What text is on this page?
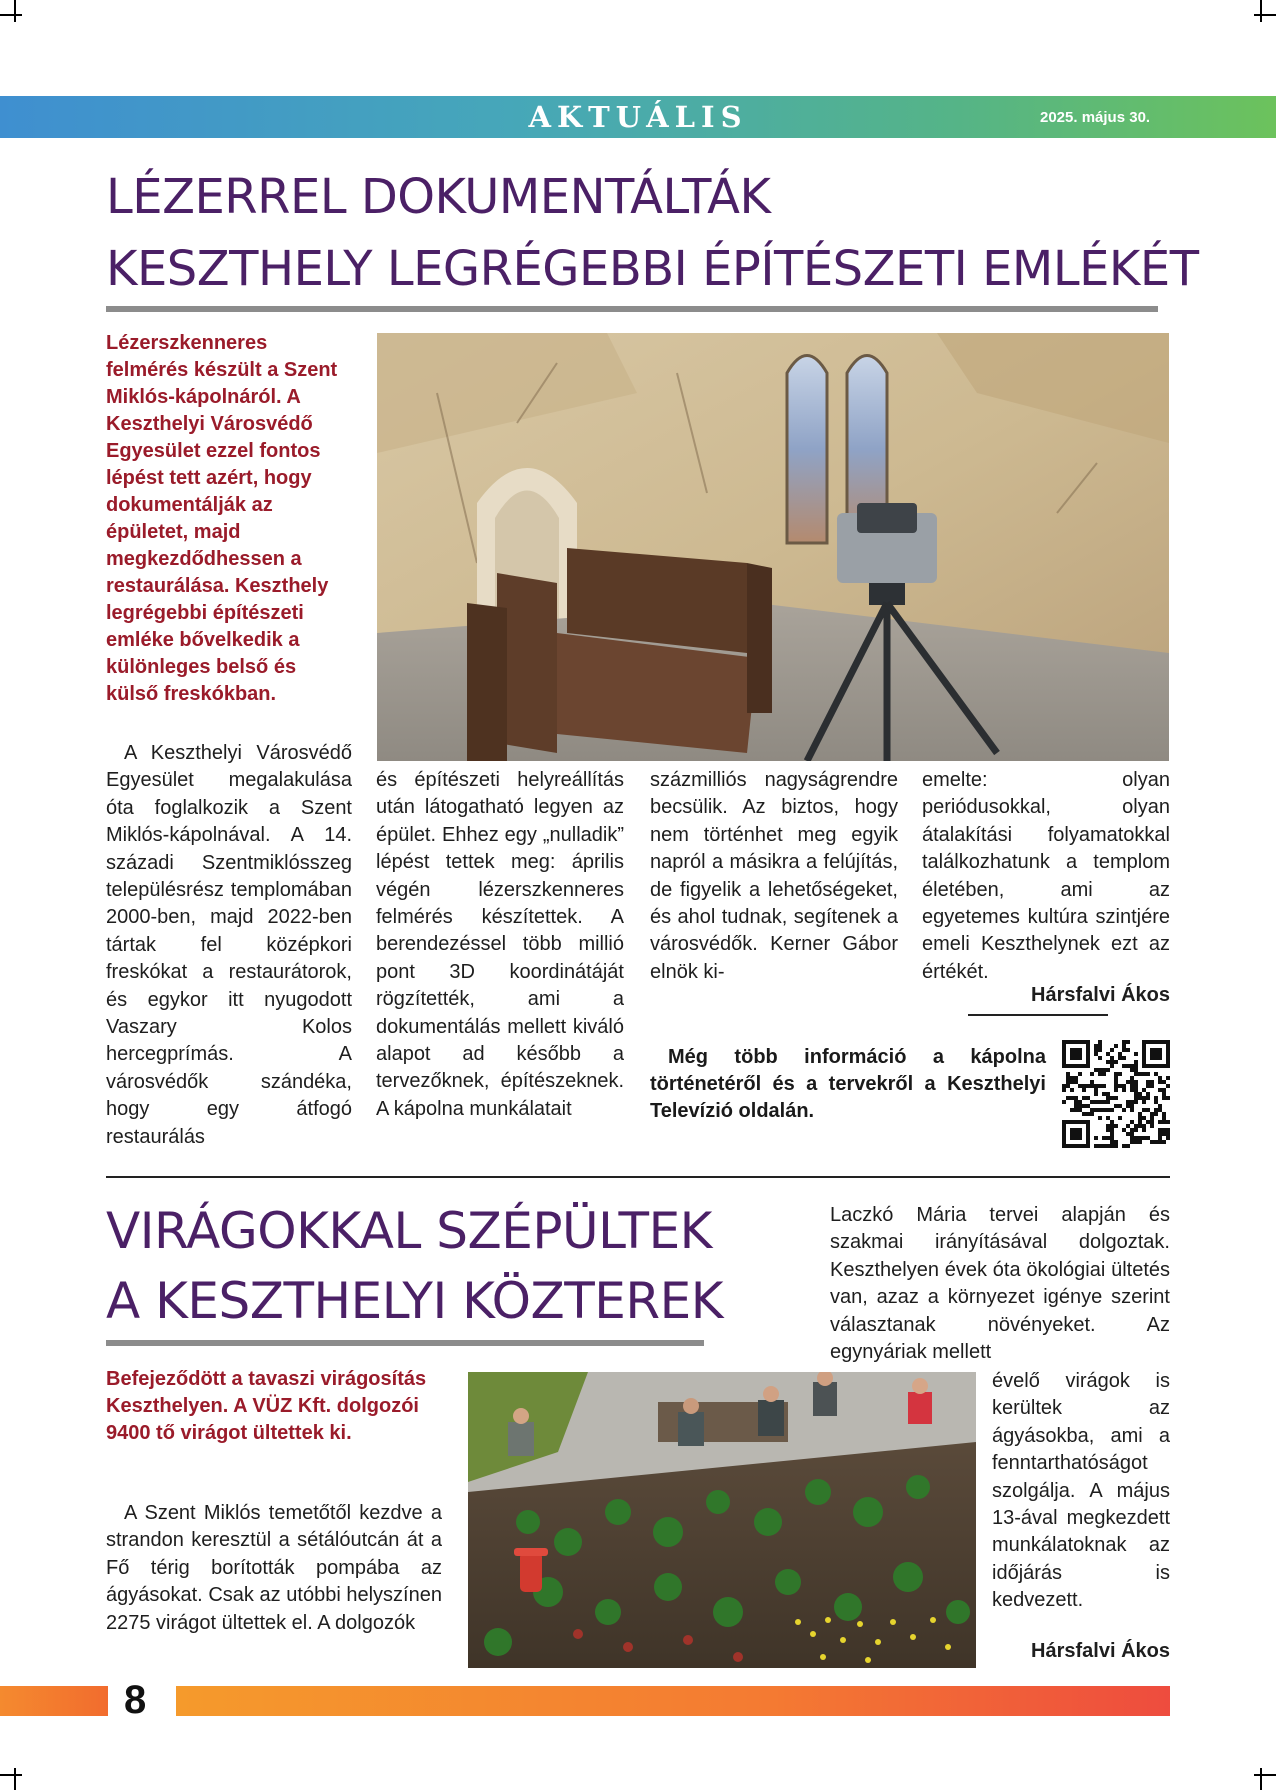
AKTUÁLIS	2025. május 30.
LÉZERREL DOKUMENTÁLTÁK
KESZTHELY LEGRÉGEBBI ÉPÍTÉSZETI EMLÉKÉT

Lézerszkenneres felmérés készült a Szent Miklós-kápolnáról. A Keszthelyi Városvédő Egyesület ezzel fontos lépést tett azért, hogy dokumentálják az épületet, majd megkezdődhessen a restaurálása. Keszthely legrégebbi építészeti emléke bővelkedik a különleges belső és külső freskókban.

A Keszthelyi Városvédő Egyesület megalakulása óta foglalkozik a Szent Miklós-kápolnával. A 14. századi Szentmiklósszeg településrész templomában 2000-ben, majd 2022-ben tártak fel középkori freskókat a restaurátorok, és egykor itt nyugodott Vaszary Kolos hercegprímás. A városvédők szándéka, hogy egy átfogó restaurálás

és építészeti helyreállítás után látogatható legyen az épület. Ehhez egy „nulladik” lépést tettek meg: április végén lézerszkenneres felmérés készítettek. A berendezéssel több millió pont 3D koordinátáját rögzítették, ami a dokumentálás mellett kiváló alapot ad később a tervezőknek, építészeknek. A kápolna munkálatait

százmilliós nagyságrendre becsülik. Az biztos, hogy nem történhet meg egyik napról a másikra a felújítás, de figyelik a lehetőségeket, és ahol tudnak, segítenek a városvédők. Kerner Gábor elnök ki-

emelte: olyan periódusokkal, olyan átalakítási folyamatokkal találkozhatunk a templom életében, ami az egyetemes kultúra szintjére emeli Keszthelynek ezt az értékét.

Hársfalvi Ákos

Még több információ a kápolna történetéről és a tervekről a Keszthelyi Televízió oldalán.

VIRÁGOKKAL SZÉPÜLTEK
A KESZTHELYI KÖZTEREK

Befejeződött a tavaszi virágosítás Keszthelyen. A VÜZ Kft. dolgozói 9400 tő virágot ültettek ki.

A Szent Miklós temetőtől kezdve a strandon keresztül a sétálóutcán át a Fő térig borították pompába az ágyásokat. Csak az utóbbi helyszínen 2275 virágot ültettek el. A dolgozók

Laczkó Mária tervei alapján és szakmai irányításával dolgoztak. Keszthelyen évek óta ökológiai ültetés van, azaz a környezet igénye szerint választanak növényeket. Az egynyáriak mellett

évelő virágok is kerültek az ágyásokba, ami a fenntarthatóságot szolgálja. A május 13-ával megkezdett munkálatoknak az időjárás is kedvezett.

Hársfalvi Ákos
8
